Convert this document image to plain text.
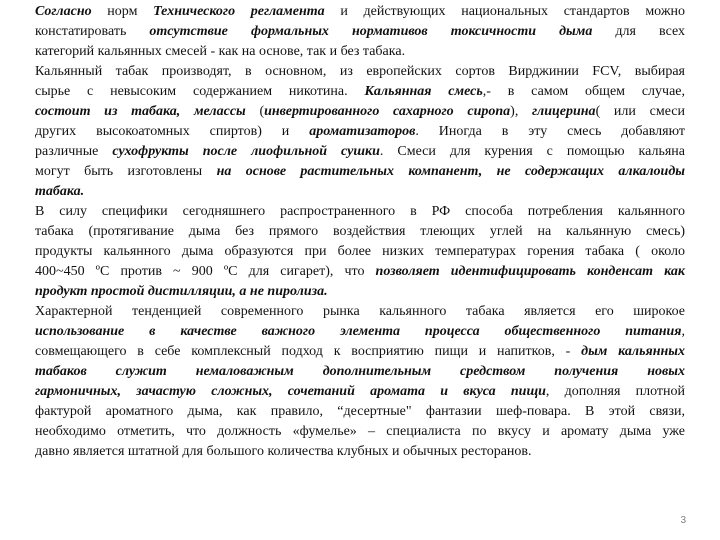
Согласно норм Технического регламента и действующих национальных стандартов можно
констатировать отсутствие формальных нормативов токсичности дыма для всех
категорий кальянных смесей - как на основе, так и без табака.
Кальянный табак производят, в основном, из европейских сортов Вирджинии FCV, выбирая
сырье с невысоким содержанием никотина. Кальянная смесь,- в самом общем случае,
состоит из табака, мелассы (инвертированного сахарного сиропа), глицерина( или смеси
других высокоатомных спиртов) и ароматизаторов. Иногда в эту смесь добавляют
различные сухофрукты после лиофильной сушки. Смеси для курения с помощью кальяна
могут быть изготовлены на основе растительных компанент, не содержащих алкалоиды
табака.
В силу специфики сегодняшнего распространенного в РФ способа потребления кальянного
табака (протягивание дыма без прямого воздействия тлеющих углей на кальянную смесь)
продукты кальянного дыма образуются при более низких температурах горения табака ( около
400~450 ºС против ~ 900 ºС для сигарет), что позволяет идентифицировать конденсат как
продукт простой дистилляции, а не пиролиза.
Характерной тенденцией современного рынка кальянного табака является его широкое
использование в качестве важного элемента процесса общественного питания,
совмещающего в себе комплексный подход к восприятию пищи и напитков, - дым кальянных
табаков служит немаловажным дополнительным средством получения новых
гармоничных, зачастую сложных, сочетаний аромата и вкуса пищи, дополняя плотной
фактурой ароматного дыма, как правило, “десертные" фантазии шеф-повара. В этой связи,
необходимо отметить, что должность «фумелье» – специалиста по вкусу и аромату дыма уже
давно является штатной для большого количества клубных и обычных ресторанов.
3
